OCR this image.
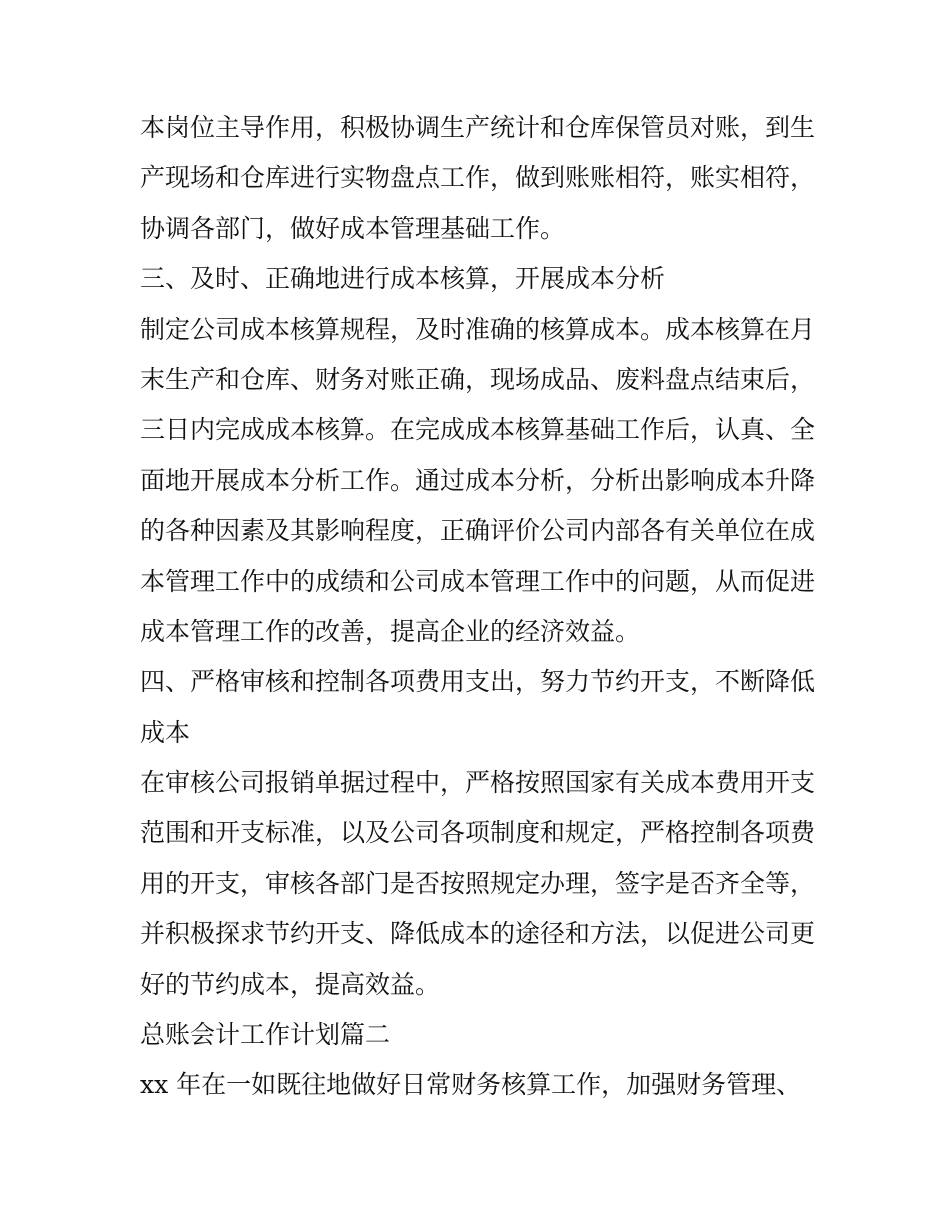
本岗位主导作用，积极协调生产统计和仓库保管员对账，到生
产现场和仓库进行实物盘点工作，做到账账相符，账实相符，
协调各部门，做好成本管理基础工作。
三、及时、正确地进行成本核算，开展成本分析
制定公司成本核算规程，及时准确的核算成本。成本核算在月
末生产和仓库、财务对账正确，现场成品、废料盘点结束后，
三日内完成成本核算。在完成成本核算基础工作后，认真、全
面地开展成本分析工作。通过成本分析，分析出影响成本升降
的各种因素及其影响程度，正确评价公司内部各有关单位在成
本管理工作中的成绩和公司成本管理工作中的问题，从而促进
成本管理工作的改善，提高企业的经济效益。
四、严格审核和控制各项费用支出，努力节约开支，不断降低
成本
在审核公司报销单据过程中，严格按照国家有关成本费用开支
范围和开支标准，以及公司各项制度和规定，严格控制各项费
用的开支，审核各部门是否按照规定办理，签字是否齐全等，
并积极探求节约开支、降低成本的途径和方法，以促进公司更
好的节约成本，提高效益。
总账会计工作计划篇二
xx 年在一如既往地做好日常财务核算工作，加强财务管理、
